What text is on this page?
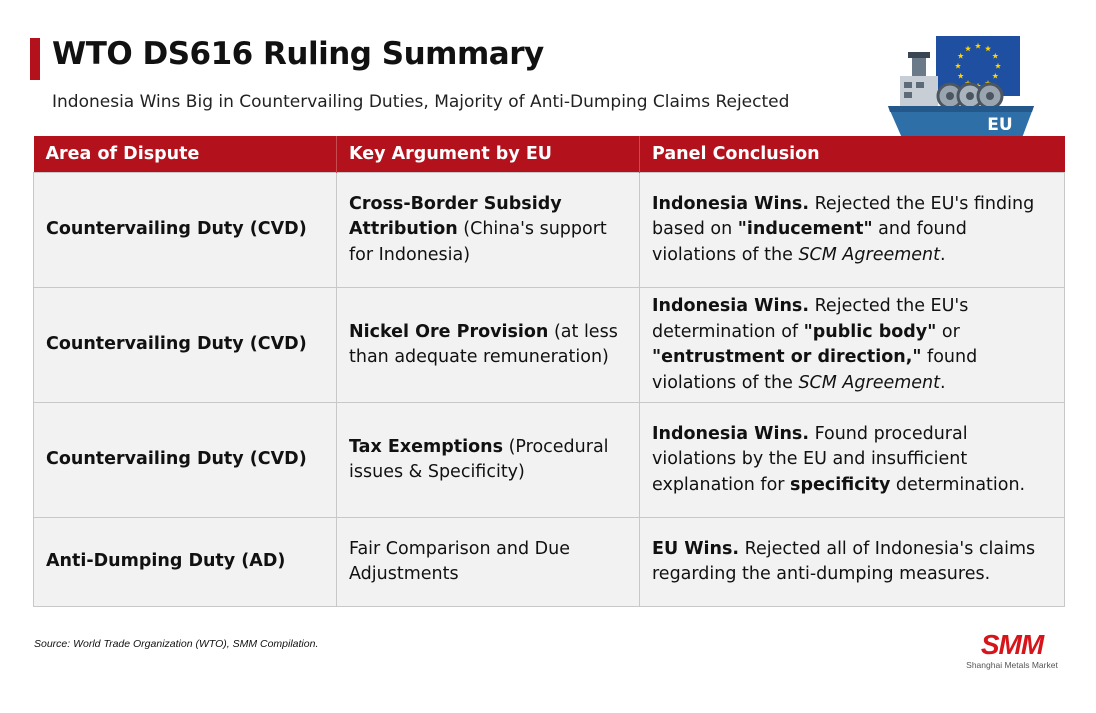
WTO DS616 Ruling Summary
Indonesia Wins Big in Countervailing Duties, Majority of Anti-Dumping Claims Rejected
EU
Area of Dispute	Key Argument by EU	Panel Conclusion
Countervailing Duty (CVD)	Cross-Border Subsidy Attribution (China's support for Indonesia)	Indonesia Wins. Rejected the EU's finding based on "inducement" and found violations of the SCM Agreement.
Countervailing Duty (CVD)	Nickel Ore Provision (at less than adequate remuneration)	Indonesia Wins. Rejected the EU's determination of "public body" or "entrustment or direction," found violations of the SCM Agreement.
Countervailing Duty (CVD)	Tax Exemptions (Procedural issues & Specificity)	Indonesia Wins. Found procedural violations by the EU and insufficient explanation for specificity determination.
Anti-Dumping Duty (AD)	Fair Comparison and Due Adjustments	EU Wins. Rejected all of Indonesia's claims regarding the anti-dumping measures.
Source: World Trade Organization (WTO), SMM Compilation.	SMM
Shanghai Metals Market
